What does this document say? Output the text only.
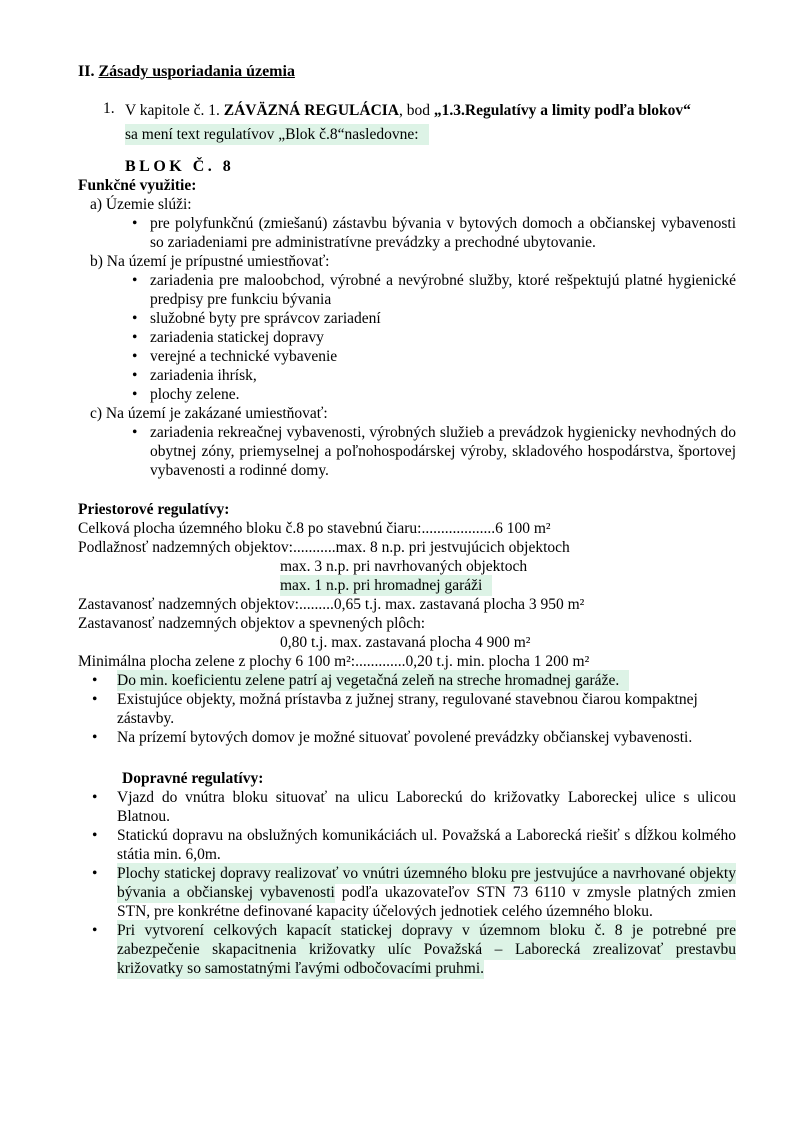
II. Zásady usporiadania územia
1. V kapitole č. 1. ZÁVÄZNÁ REGULÁCIA, bod „1.3.Regulatívy a limity podľa blokov“
sa mení text regulatívov „Blok č.8“nasledovne:
BLOK Č. 8
Funkčné využitie:
a) Územie slúži:
• pre polyfunkčnú (zmiešanú) zástavbu bývania v bytových domoch a občianskej vybavenosti so zariadeniami pre administratívne prevádzky a prechodné ubytovanie.
b) Na území je prípustné umiestňovať:
• zariadenia pre maloobchod, výrobné a nevýrobné služby, ktoré rešpektujú platné hygienické predpisy pre funkciu bývania
• služobné byty pre správcov zariadení
• zariadenia statickej dopravy
• verejné a technické vybavenie
• zariadenia ihrísk,
• plochy zelene.
c) Na území je zakázané umiestňovať:
• zariadenia rekreačnej vybavenosti, výrobných služieb a prevádzok hygienicky nevhodných do obytnej zóny, priemyselnej a poľnohospodárskej výroby, skladového hospodárstva, športovej vybavenosti a rodinné domy.
Priestorové regulatívy:
Celková plocha územného bloku č.8 po stavebnú čiaru:...................6 100 m²
Podlažnosť nadzemných objektov:...........max. 8 n.p. pri jestvujúcich objektoch
max. 3 n.p. pri navrhovaných objektoch
max. 1 n.p. pri hromadnej garáži
Zastavanosť nadzemných objektov:.........0,65 t.j. max. zastavaná plocha 3 950 m²
Zastavanosť nadzemných objektov a spevnených plôch:
0,80 t.j. max. zastavaná plocha 4 900 m²
Minimálna plocha zelene z plochy 6 100 m²:.............0,20 t.j. min. plocha 1 200 m²
•	Do min. koeficientu zelene patrí aj vegetačná zeleň na streche hromadnej garáže.
•	Existujúce objekty, možná prístavba z južnej strany, regulované stavebnou čiarou kompaktnej zástavby.
•	Na prízemí bytových domov je možné situovať povolené prevádzky občianskej vybavenosti.
Dopravné regulatívy:
•	Vjazd do vnútra bloku situovať na ulicu Laboreckú do križovatky Laboreckej ulice s ulicou Blatnou.
•	Statickú dopravu na obslužných komunikáciách ul. Považská a Laborecká riešiť s dĺžkou kolmého státia min. 6,0m.
•	Plochy statickej dopravy realizovať vo vnútri územného bloku pre jestvujúce a navrhované objekty bývania a občianskej vybavenosti podľa ukazovateľov STN 73 6110 v zmysle platných zmien STN, pre konkrétne definované kapacity účelových jednotiek celého územného bloku.
•	Pri vytvorení celkových kapacít statickej dopravy v územnom bloku č. 8 je potrebné pre zabezpečenie skapacitnenia križovatky ulíc Považská – Laborecká zrealizovať prestavbu križovatky so samostatnými ľavými odbočovacími pruhmi.
